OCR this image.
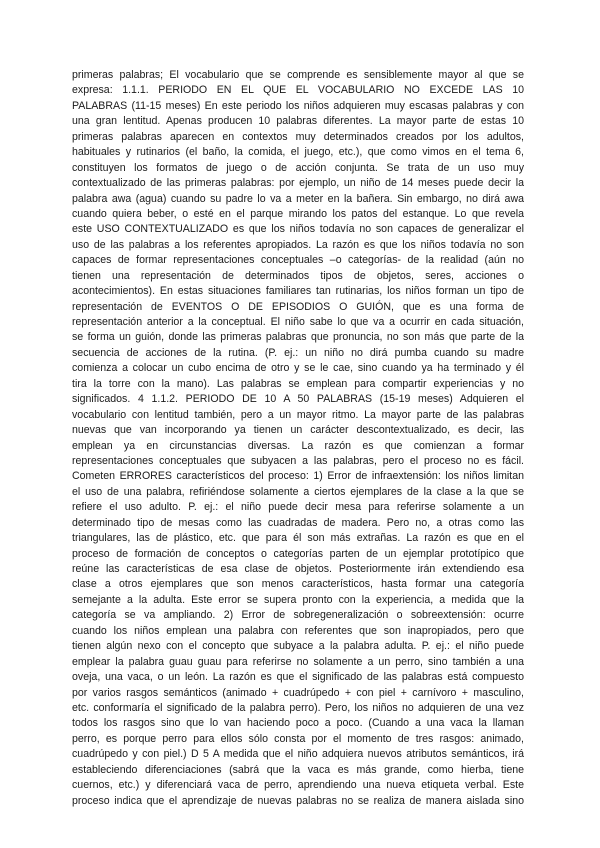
primeras palabras; El vocabulario que se comprende es sensiblemente mayor al que se
expresa: 1.1.1. PERIODO EN EL QUE EL VOCABULARIO NO EXCEDE LAS 10
PALABRAS (11-15 meses) En este periodo los niños adquieren muy escasas palabras y con
una gran lentitud. Apenas producen 10 palabras diferentes. La mayor parte de estas 10
primeras palabras aparecen en contextos muy determinados creados por los adultos,
habituales y rutinarios (el baño, la comida, el juego, etc.), que como vimos en el tema 6,
constituyen los formatos de juego o de acción conjunta. Se trata de un uso muy
contextualizado de las primeras palabras: por ejemplo, un niño de 14 meses puede decir la
palabra awa (agua) cuando su padre lo va a meter en la bañera. Sin embargo, no dirá awa
cuando quiera beber, o esté en el parque mirando los patos del estanque. Lo que revela
este USO CONTEXTUALIZADO es que los niños todavía no son capaces de generalizar el
uso de las palabras a los referentes apropiados. La razón es que los niños todavía no son
capaces de formar representaciones conceptuales –o categorías- de la realidad (aún no
tienen una representación de determinados tipos de objetos, seres, acciones o
acontecimientos). En estas situaciones familiares tan rutinarias, los niños forman un tipo de
representación de EVENTOS O DE EPISODIOS O GUIÓN, que es una forma de
representación anterior a la conceptual. El niño sabe lo que va a ocurrir en cada situación,
se forma un guión, donde las primeras palabras que pronuncia, no son más que parte de la
secuencia de acciones de la rutina. (P. ej.: un niño no dirá pumba cuando su madre
comienza a colocar un cubo encima de otro y se le cae, sino cuando ya ha terminado y él
tira la torre con la mano). Las palabras se emplean para compartir experiencias y no
significados. 4 1.1.2. PERIODO DE 10 A 50 PALABRAS (15-19 meses) Adquieren el
vocabulario con lentitud también, pero a un mayor ritmo. La mayor parte de las palabras
nuevas que van incorporando ya tienen un carácter descontextualizado, es decir, las
emplean ya en circunstancias diversas. La razón es que comienzan a formar
representaciones conceptuales que subyacen a las palabras, pero el proceso no es fácil.
Cometen ERRORES característicos del proceso: 1) Error de infraextensión: los niños limitan
el uso de una palabra, refiriéndose solamente a ciertos ejemplares de la clase a la que se
refiere el uso adulto. P. ej.: el niño puede decir mesa para referirse solamente a un
determinado tipo de mesas como las cuadradas de madera. Pero no, a otras como las
triangulares, las de plástico, etc. que para él son más extrañas. La razón es que en el
proceso de formación de conceptos o categorías parten de un ejemplar prototípico que
reúne las características de esa clase de objetos. Posteriormente irán extendiendo esa
clase a otros ejemplares que son menos característicos, hasta formar una categoría
semejante a la adulta. Este error se supera pronto con la experiencia, a medida que la
categoría se va ampliando. 2) Error de sobregeneralización o sobreextensión: ocurre
cuando los niños emplean una palabra con referentes que son inapropiados, pero que
tienen algún nexo con el concepto que subyace a la palabra adulta. P. ej.: el niño puede
emplear la palabra guau guau para referirse no solamente a un perro, sino también a una
oveja, una vaca, o un león. La razón es que el significado de las palabras está compuesto
por varios rasgos semánticos (animado + cuadrúpedo + con piel + carnívoro + masculino,
etc. conformaría el significado de la palabra perro). Pero, los niños no adquieren de una vez
todos los rasgos sino que lo van haciendo poco a poco. (Cuando a una vaca la llaman
perro, es porque perro para ellos sólo consta por el momento de tres rasgos: animado,
cuadrúpedo y con piel.) D 5 A medida que el niño adquiera nuevos atributos semánticos, irá
estableciendo diferenciaciones (sabrá que la vaca es más grande, como hierba, tiene
cuernos, etc.) y diferenciará vaca de perro, aprendiendo una nueva etiqueta verbal. Este
proceso indica que el aprendizaje de nuevas palabras no se realiza de manera aislada sino
